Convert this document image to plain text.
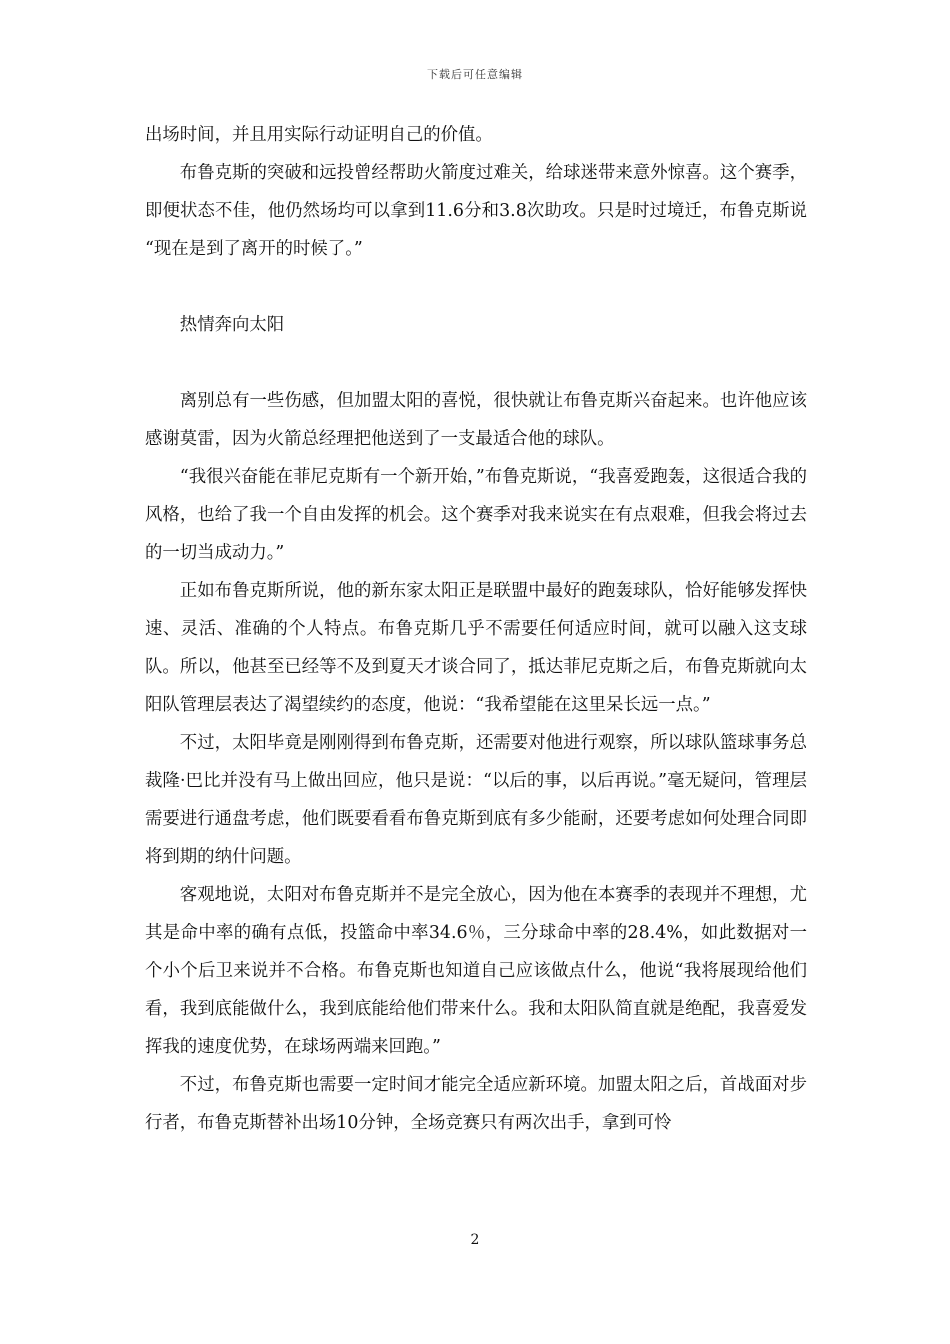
下载后可任意编辑

出场时间，并且用实际行动证明自己的价值。

布鲁克斯的突破和远投曾经帮助火箭度过难关，给球迷带来意外惊喜。这个赛季，即便状态不佳，他仍然场均可以拿到11.6分和3.8次助攻。只是时过境迁，布鲁克斯说 “现在是到了离开的时候了。”

热情奔向太阳

离别总有一些伤感，但加盟太阳的喜悦，很快就让布鲁克斯兴奋起来。也许他应该感谢莫雷，因为火箭总经理把他送到了一支最适合他的球队。

“我很兴奋能在菲尼克斯有一个新开始，”布鲁克斯说，“我喜爱跑轰，这很适合我的风格，也给了我一个自由发挥的机会。这个赛季对我来说实在有点艰难，但我会将过去的一切当成动力。”

正如布鲁克斯所说，他的新东家太阳正是联盟中最好的跑轰球队，恰好能够发挥快速、灵活、准确的个人特点。布鲁克斯几乎不需要任何适应时间，就可以融入这支球队。所以，他甚至已经等不及到夏天才谈合同了，抵达菲尼克斯之后，布鲁克斯就向太阳队管理层表达了渴望续约的态度，他说：“我希望能在这里呆长远一点。”

不过，太阳毕竟是刚刚得到布鲁克斯，还需要对他进行观察，所以球队篮球事务总裁隆·巴比并没有马上做出回应，他只是说：“以后的事，以后再说。”毫无疑问，管理层需要进行通盘考虑，他们既要看看布鲁克斯到底有多少能耐，还要考虑如何处理合同即将到期的纳什问题。

客观地说，太阳对布鲁克斯并不是完全放心，因为他在本赛季的表现并不理想，尤其是命中率的确有点低，投篮命中率34.6％，三分球命中率的28.4%，如此数据对一个小个后卫来说并不合格。布鲁克斯也知道自己应该做点什么，他说“我将展现给他们看，我到底能做什么，我到底能给他们带来什么。我和太阳队简直就是绝配，我喜爱发挥我的速度优势，在球场两端来回跑。”

不过，布鲁克斯也需要一定时间才能完全适应新环境。加盟太阳之后，首战面对步行者，布鲁克斯替补出场10分钟，全场竞赛只有两次出手，拿到可怜

2
